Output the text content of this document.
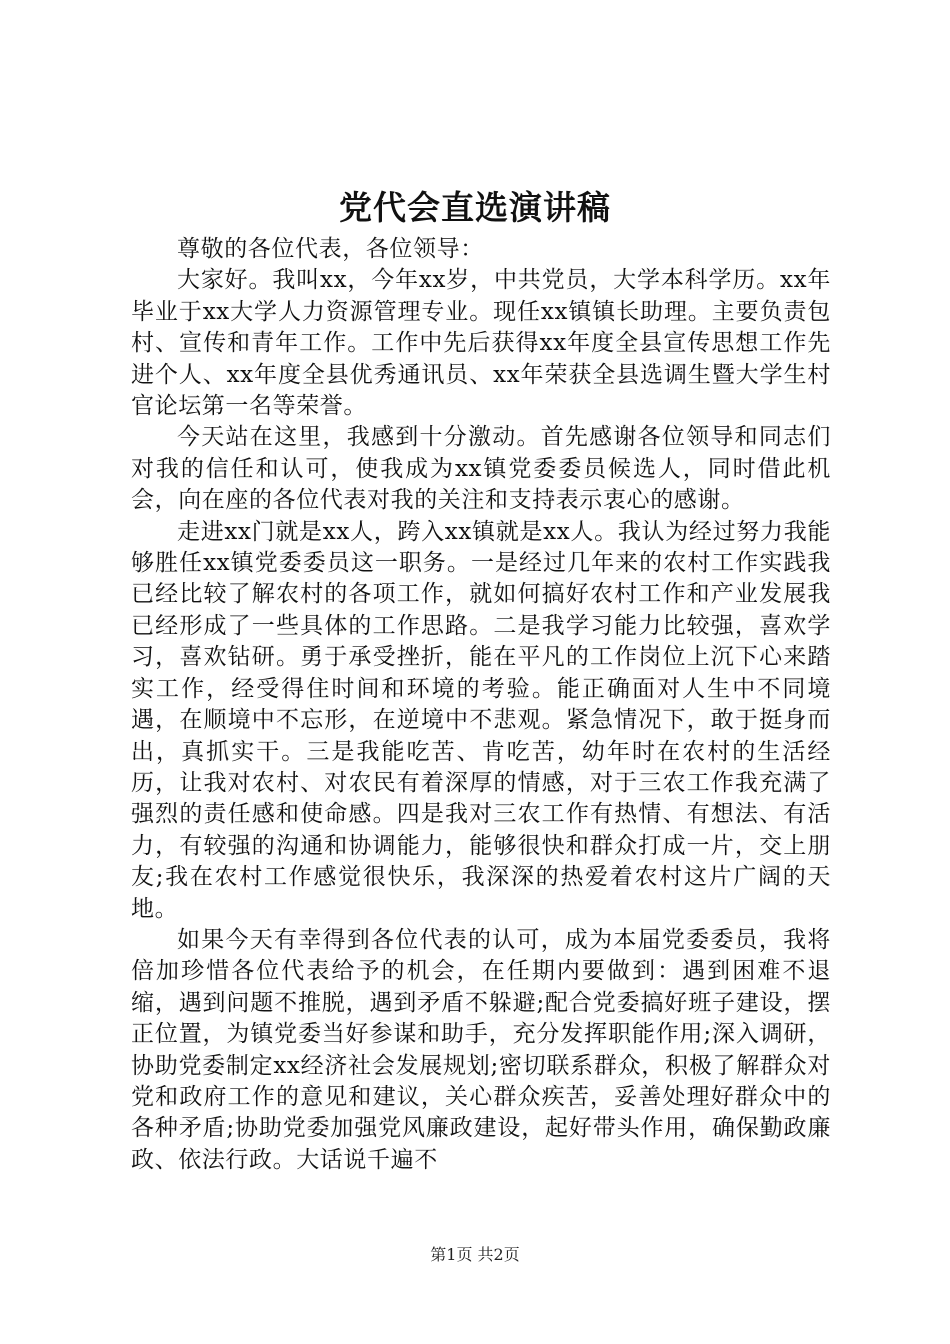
党代会直选演讲稿

尊敬的各位代表，各位领导：

大家好。我叫xx，今年xx岁，中共党员，大学本科学历。xx年毕业于xx大学人力资源管理专业。现任xx镇镇长助理。主要负责包村、宣传和青年工作。工作中先后获得xx年度全县宣传思想工作先进个人、xx年度全县优秀通讯员、xx年荣获全县选调生暨大学生村官论坛第一名等荣誉。

今天站在这里，我感到十分激动。首先感谢各位领导和同志们对我的信任和认可，使我成为xx镇党委委员候选人，同时借此机会，向在座的各位代表对我的关注和支持表示衷心的感谢。

走进xx门就是xx人，跨入xx镇就是xx人。我认为经过努力我能够胜任xx镇党委委员这一职务。一是经过几年来的农村工作实践我已经比较了解农村的各项工作，就如何搞好农村工作和产业发展我已经形成了一些具体的工作思路。二是我学习能力比较强，喜欢学习，喜欢钻研。勇于承受挫折，能在平凡的工作岗位上沉下心来踏实工作，经受得住时间和环境的考验。能正确面对人生中不同境遇，在顺境中不忘形，在逆境中不悲观。紧急情况下，敢于挺身而出，真抓实干。三是我能吃苦、肯吃苦，幼年时在农村的生活经历，让我对农村、对农民有着深厚的情感，对于三农工作我充满了强烈的责任感和使命感。四是我对三农工作有热情、有想法、有活力，有较强的沟通和协调能力，能够很快和群众打成一片，交上朋友;我在农村工作感觉很快乐，我深深的热爱着农村这片广阔的天地。

如果今天有幸得到各位代表的认可，成为本届党委委员，我将倍加珍惜各位代表给予的机会，在任期内要做到：遇到困难不退缩，遇到问题不推脱，遇到矛盾不躲避;配合党委搞好班子建设，摆正位置，为镇党委当好参谋和助手，充分发挥职能作用;深入调研，协助党委制定xx经济社会发展规划;密切联系群众，积极了解群众对党和政府工作的意见和建议，关心群众疾苦，妥善处理好群众中的各种矛盾;协助党委加强党风廉政建设，起好带头作用，确保勤政廉政、依法行政。大话说千遍不

第1页 共2页
